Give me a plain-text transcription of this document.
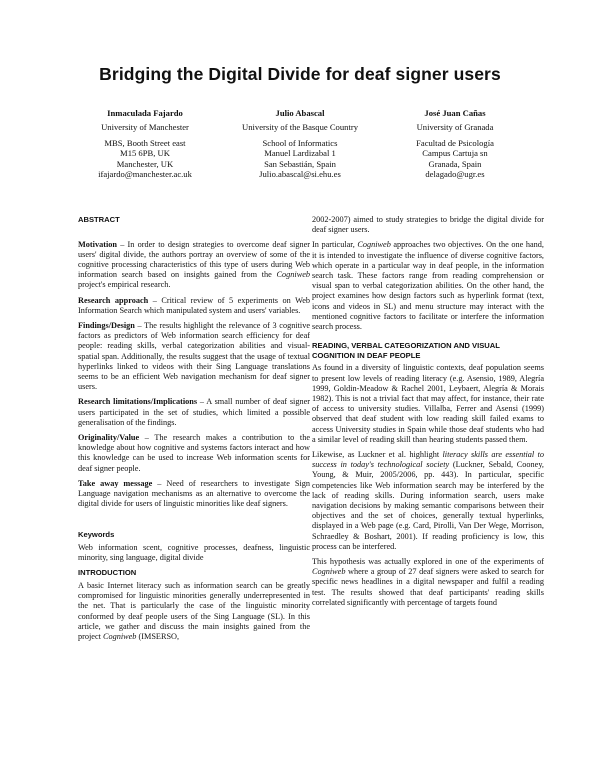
Bridging the Digital Divide for deaf signer users
Inmaculada Fajardo
University of Manchester
MBS, Booth Street east
M15 6PB, UK
Manchester, UK
ifajardo@manchester.ac.uk
Julio Abascal
University of the Basque Country
School of Informatics
Manuel Lardizabal 1
San Sebastián, Spain
Julio.abascal@si.ehu.es
José Juan Cañas
University of Granada
Facultad de Psicología
Campus Cartuja sn
Granada, Spain
delagado@ugr.es
ABSTRACT

Motivation – In order to design strategies to overcome deaf signer users' digital divide, the authors portray an overview of some of the cognitive processing characteristics of this type of users during Web information search based on insights gained from the Cogniweb project's empirical research.

Research approach – Critical review of 5 experiments on Web Information Search which manipulated system and users' variables.

Findings/Design – The results highlight the relevance of 3 cognitive factors as predictors of Web information search efficiency for deaf people: reading skills, verbal categorization abilities and visual-spatial span. Additionally, the results suggest that the usage of textual hyperlinks linked to videos with their Sing Language translations seems to be an efficient Web navigation mechanism for deaf signer users.

Research limitations/Implications – A small number of deaf signer users participated in the set of studies, which limited a possible generalisation of the findings.

Originality/Value – The research makes a contribution to the knowledge about how cognitive and systems factors interact and how this knowledge can be used to increase Web information scents for deaf signer people.

Take away message – Need of researchers to investigate Sign Language navigation mechanisms as an alternative to overcome the digital divide for users of linguistic minorities like deaf signers.

Keywords

Web information scent, cognitive processes, deafness, linguistic minority, sing language, digital divide

INTRODUCTION

A basic Internet literacy such as information search can be greatly compromised for linguistic minorities generally underrepresented in the net. That is particularly the case of the linguistic minority conformed by deaf people users of the Sing Language (SL). In this article, we gather and discuss the main insights gained from the project Cogniweb (IMSERSO,

2002-2007) aimed to study strategies to bridge the digital divide for deaf signer users.

In particular, Cogniweb approaches two objectives. On the one hand, it is intended to investigate the influence of diverse cognitive factors, which operate in a particular way in deaf people, in the information search task. These factors range from reading comprehension or visual span to verbal categorization abilities. On the other hand, the project examines how design factors such as hyperlink format (text, icons and videos in SL) and menu structure may interact with the mentioned cognitive factors to facilitate or interfere the information search process.

READING, VERBAL CATEGORIZATION AND VISUAL COGNITION IN DEAF PEOPLE

As found in a diversity of linguistic contexts, deaf population seems to present low levels of reading literacy (e.g. Asensio, 1989, Alegría 1999, Goldin-Meadow & Rachel 2001, Leybaert, Alegría & Morais 1982). This is not a trivial fact that may affect, for instance, their rate of access to university studies. Villalba, Ferrer and Asensi (1999) observed that deaf student with low reading skill failed exams to access University studies in Spain while those deaf students who had a similar level of reading skill than hearing students passed them.

Likewise, as Luckner et al. highlight literacy skills are essential to success in today's technological society (Luckner, Sebald, Cooney, Young, & Muir, 2005/2006, pp. 443). In particular, specific competencies like Web information search may be interfered by the lack of reading skills. During information search, users make navigation decisions by making semantic comparisons between their objectives and the set of choices, generally textual hyperlinks, displayed in a Web page (e.g. Card, Pirolli, Van Der Wege, Morrison, Schraedley & Boshart, 2001). If reading proficiency is low, this process can be interfered.

This hypothesis was actually explored in one of the experiments of Cogniweb where a group of 27 deaf signers were asked to search for specific news headlines in a digital newspaper and fulfil a reading test. The results showed that deaf participants' reading skills correlated significantly with percentage of targets found
